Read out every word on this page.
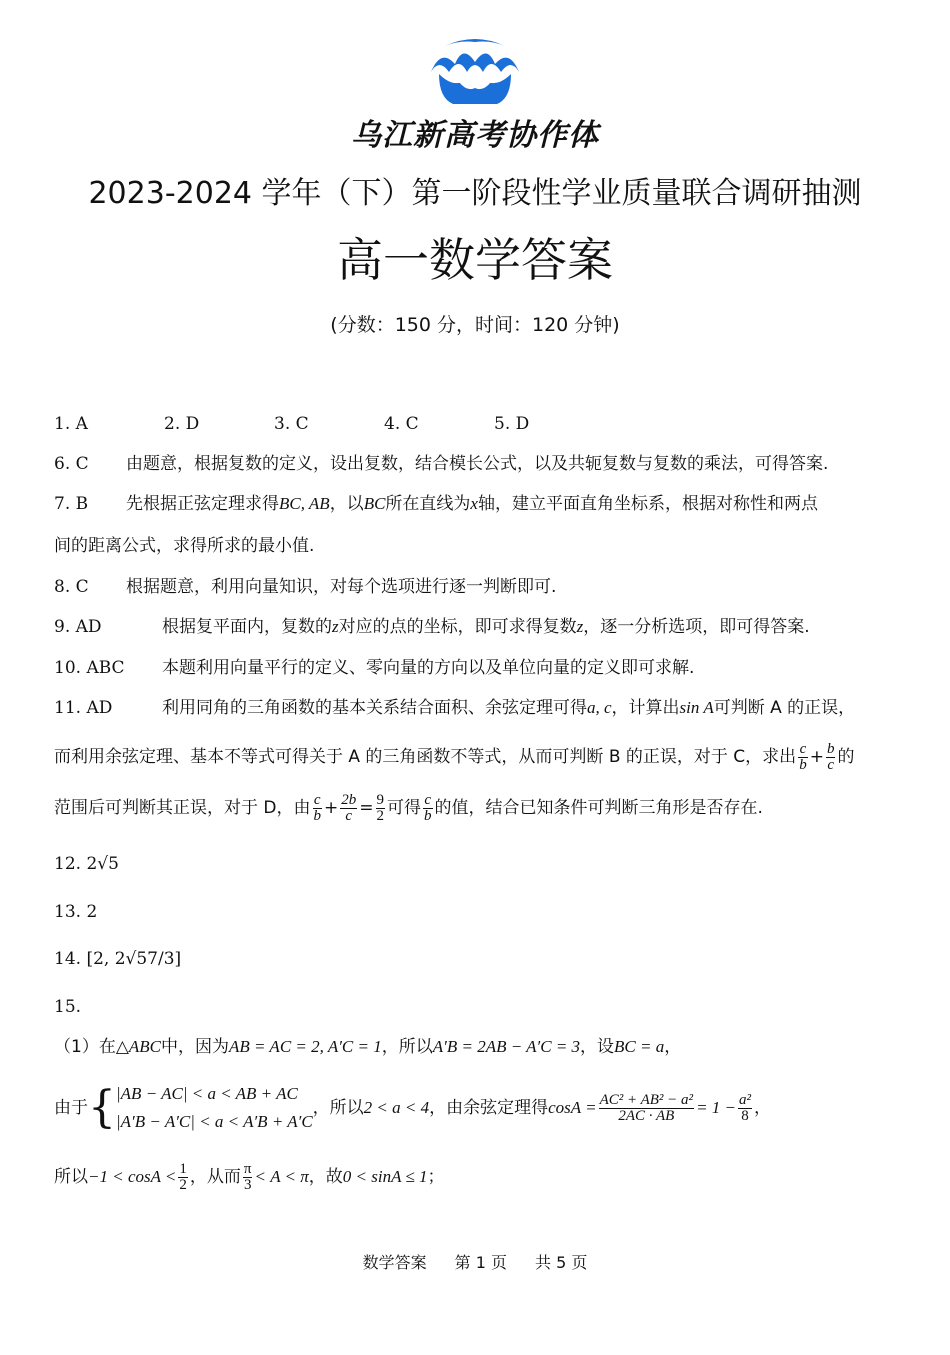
乌江新高考协作体
2023-2024 学年（下）第一阶段性学业质量联合调研抽测
高一数学答案
(分数：150 分，时间：120 分钟)
1. A	2. D	3. C	4. C	5. D
6. C 由题意，根据复数的定义，设出复数，结合模长公式，以及共轭复数与复数的乘法，可得答案.
7. B 先根据正弦定理求得BC, AB，以BC所在直线为x轴，建立平面直角坐标系，根据对称性和两点
间的距离公式，求得所求的最小值.
8. C 根据题意，利用向量知识，对每个选项进行逐一判断即可.
9. AD	根据复平面内，复数的z对应的点的坐标，即可求得复数z，逐一分析选项，即可得答案.
10. ABC 本题利用向量平行的定义、零向量的方向以及单位向量的定义即可求解.
11. AD	利用同角的三角函数的基本关系结合面积、余弦定理可得a, c，计算出sin A可判断 A 的正误，
而利用余弦定理、基本不等式可得关于 A 的三角函数不等式，从而可判断 B 的正误，对于 C，求出 $\frac{c}{b} + \frac{b}{c}$ 的
范围后可判断其正误，对于 D，由 $\frac{c}{b} + \frac{2b}{c} = \frac{9}{2}$ 可得 $\frac{c}{b}$ 的值，结合已知条件可判断三角形是否存在.
12. 2√5
13. 2
14. [2, 2√57/3]
15.
（1）在△ABC中，因为AB = AC = 2, A′C = 1，所以A′B = 2AB − A′C = 3，设BC = a，
由于{ |AB − AC| < a < AB + AC
|A′B − A′C| < a < A′B + A′C
，所以2 < a < 4，由余弦定理得$\cos A = \frac{\text{AC² + AB² − a²}}{2AC \cdot AB} = 1 - \frac{\text{a²}}{8}$ ，
所以$-1 < \cos A < \frac{1}{2}$ ，从而 $\frac{\pi}{3} < A < \pi$，故0 < sinA ≤ 1；
数学答案 第 1 页 共 5 页
